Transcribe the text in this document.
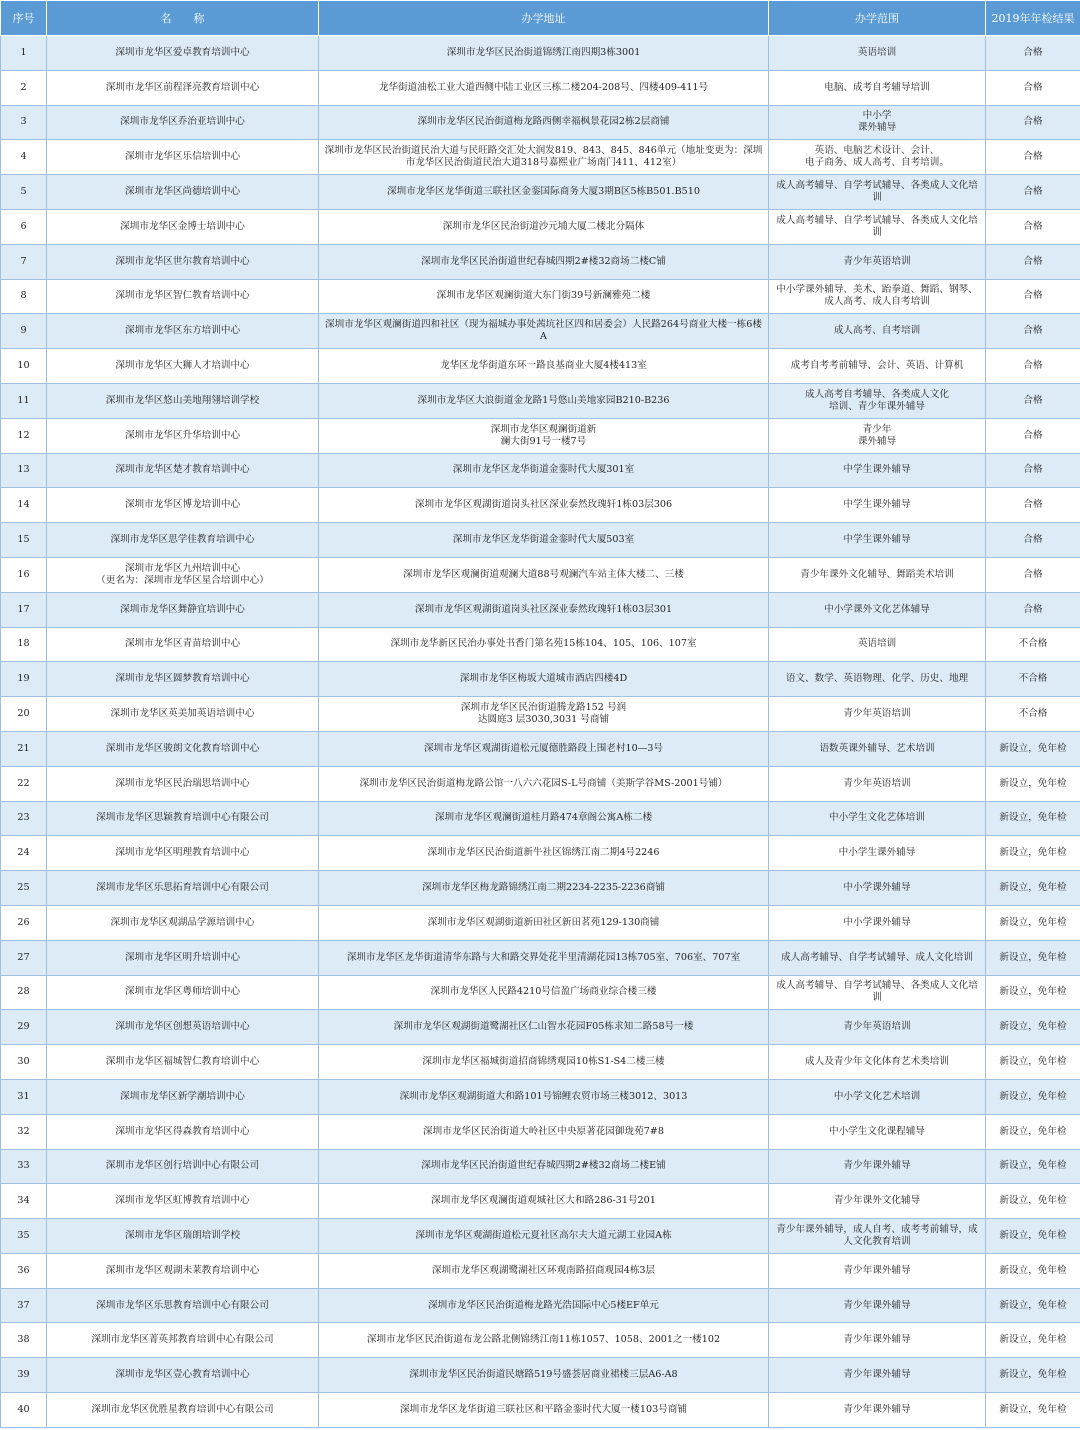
序号	名　　称	办学地址	办学范围	2019年年检结果
1	深圳市龙华区爱卓教育培训中心	深圳市龙华区民治街道锦绣江南四期3栋3001	英语培训	合格
2	深圳市龙华区前程泽亮教育培训中心	龙华街道油松工业大道西侧中陆工业区三栋二楼204-208号、四楼409-411号	电脑、成考自考辅导培训	合格
3	深圳市龙华区乔治亚培训中心	深圳市龙华区民治街道梅龙路西侧幸福枫景花园2栋2层商铺	中小学
课外辅导	合格
4	深圳市龙华区乐信培训中心	深圳市龙华区民治街道民治大道与民旺路交汇处大润发819、843、845、846单元（地址变更为：深圳市龙华区民治街道民治大道318号嘉熙业广场南门411、412室）	英语、电脑艺术设计、会计、
电子商务、成人高考、自考培训。	合格
5	深圳市龙华区尚德培训中心	深圳市龙华区龙华街道三联社区金銮国际商务大厦3期B区5栋B501.B510	成人高考辅导、自学考试辅导、各类成人文化培训	合格
6	深圳市龙华区金博士培训中心	深圳市龙华区民治街道沙元埔大厦二楼北分隔体	成人高考辅导、自学考试辅导、各类成人文化培训	合格
7	深圳市龙华区世尔教育培训中心	深圳市龙华区民治街道世纪春城四期2#楼32商场二楼C铺	青少年英语培训	合格
8	深圳市龙华区智仁教育培训中心	深圳市龙华区观澜街道大东门街39号新澜雅苑二楼	中小学课外辅导、美术、跆拳道、舞蹈、钢琴、成人高考、成人自考培训	合格
9	深圳市龙华区东方培训中心	深圳市龙华区观澜街道四和社区（现为福城办事处茜坑社区四和居委会）人民路264号商业大楼一栋6楼A	成人高考、自考培训	合格
10	深圳市龙华区大狮人才培训中心	龙华区龙华街道东环一路良基商业大厦4楼413室	成考自考考前辅导、会计、英语、计算机	合格
11	深圳市龙华区悠山美地翔翎培训学校	深圳市龙华区大浪街道金龙路1号悠山美地家园B210-B236	成人高考自考辅导、各类成人文化
培训、青少年课外辅导	合格
12	深圳市龙华区升华培训中心	深圳市龙华区观澜街道新
澜大街91号一楼7号	青少年
课外辅导	合格
13	深圳市龙华区楚才教育培训中心	深圳市龙华区龙华街道金銮时代大厦301室	中学生课外辅导	合格
14	深圳市龙华区博龙培训中心	深圳市龙华区观湖街道岗头社区深业泰然玫瑰轩1栋03层306	中学生课外辅导	合格
15	深圳市龙华区思学佳教育培训中心	深圳市龙华区龙华街道金銮时代大厦503室	中学生课外辅导	合格
16	深圳市龙华区九州培训中心
（更名为：深圳市龙华区星合培训中心）	深圳市龙华区观澜街道观澜大道88号观澜汽车站主体大楼二、三楼	青少年课外文化辅导、舞蹈美术培训	合格
17	深圳市龙华区舞静宜培训中心	深圳市龙华区观湖街道岗头社区深业泰然玫瑰轩1栋03层301	中小学课外文化艺体辅导	合格
18	深圳市龙华区青苗培训中心	深圳市龙华新区民治办事处书香门第名苑15栋104、105、106、107室	英语培训	不合格
19	深圳市龙华区圆梦教育培训中心	深圳市龙华区梅坂大道城市酒店四楼4D	语文、数学、英语物理、化学、历史、地理	不合格
20	深圳市龙华区英美加英语培训中心	深圳市龙华区民治街道腾龙路152 号润
达圆庭3 层3030,3031 号商铺	青少年英语培训	不合格
21	深圳市龙华区骏朗文化教育培训中心	深圳市龙华区观湖街道松元厦德胜路段上围老村10—3号	语数英课外辅导、艺术培训	新设立，免年检
22	深圳市龙华区民治瑞思培训中心	深圳市龙华区民治街道梅龙路公馆一八六六花园S-L号商铺（美斯学谷MS-2001号铺）	青少年英语培训	新设立，免年检
23	深圳市龙华区思颖教育培训中心有限公司	深圳市龙华区观澜街道桂月路474章阁公寓A栋二楼	中小学生文化艺体培训	新设立，免年检
24	深圳市龙华区明理教育培训中心	深圳市龙华区民治街道新牛社区锦绣江南二期4号2246	中小学生课外辅导	新设立，免年检
25	深圳市龙华区乐思拓育培训中心有限公司	深圳市龙华区梅龙路锦绣江南二期2234-2235-2236商铺	中小学课外辅导	新设立，免年检
26	深圳市龙华区观湖品学源培训中心	深圳市龙华区观湖街道新田社区新田茗苑129-130商铺	中小学课外辅导	新设立，免年检
27	深圳市龙华区明升培训中心	深圳市龙华区龙华街道清华东路与大和路交界处花半里清湖花园13栋705室、706室、707室	成人高考辅导、自学考试辅导、成人文化培训	新设立，免年检
28	深圳市龙华区粤师培训中心	深圳市龙华区人民路4210号信盈广场商业综合楼三楼	成人高考辅导、自学考试辅导、各类成人文化培训	新设立，免年检
29	深圳市龙华区创想英语培训中心	深圳市龙华区观湖街道鹭湖社区仁山智水花园F05栋求知二路58号一楼	青少年英语培训	新设立，免年检
30	深圳市龙华区福城智仁教育培训中心	深圳市龙华区福城街道招商锦绣观园10栋S1-S4二楼三楼	成人及青少年文化体育艺术类培训	新设立，免年检
31	深圳市龙华区新学潮培训中心	深圳市龙华区观湖街道大和路101号锦鲤农贸市场三楼3012、3013	中小学文化艺术培训	新设立，免年检
32	深圳市龙华区得森教育培训中心	深圳市龙华区民治街道大岭社区中央原著花园御珑苑7#8	中小学生文化课程辅导	新设立，免年检
33	深圳市龙华区创行培训中心有限公司	深圳市龙华区民治街道世纪春城四期2#楼32商场二楼E铺	青少年课外辅导	新设立，免年检
34	深圳市龙华区虹博教育培训中心	深圳市龙华区观澜街道观城社区大和路286-31号201	青少年课外文化辅导	新设立，免年检
35	深圳市龙华区瑞朗培训学校	深圳市龙华区观湖街道松元夏社区高尔夫大道元湖工业园A栋	青少年课外辅导，成人自考、成考考前辅导，成人文化教育培训	新设立，免年检
36	深圳市龙华区观湖未莱教育培训中心	深圳市龙华区观湖鹭湖社区环观南路招商观园4栋3层	青少年课外辅导	新设立，免年检
37	深圳市龙华区乐思教育培训中心有限公司	深圳市龙华区民治街道梅龙路光浩国际中心5楼EF单元	青少年课外辅导	新设立，免年检
38	深圳市龙华区菁英邦教育培训中心有限公司	深圳市龙华区民治街道布龙公路北侧锦绣江南11栋1057、1058、2001之一楼102	青少年课外辅导	新设立，免年检
39	深圳市龙华区壹心教育培训中心	深圳市龙华区民治街道民塘路519号盛荟居商业裙楼三层A6-A8	青少年课外辅导	新设立，免年检
40	深圳市龙华区优胜星教育培训中心有限公司	深圳市龙华区龙华街道三联社区和平路金銮时代大厦一楼103号商铺	青少年课外辅导	新设立，免年检
